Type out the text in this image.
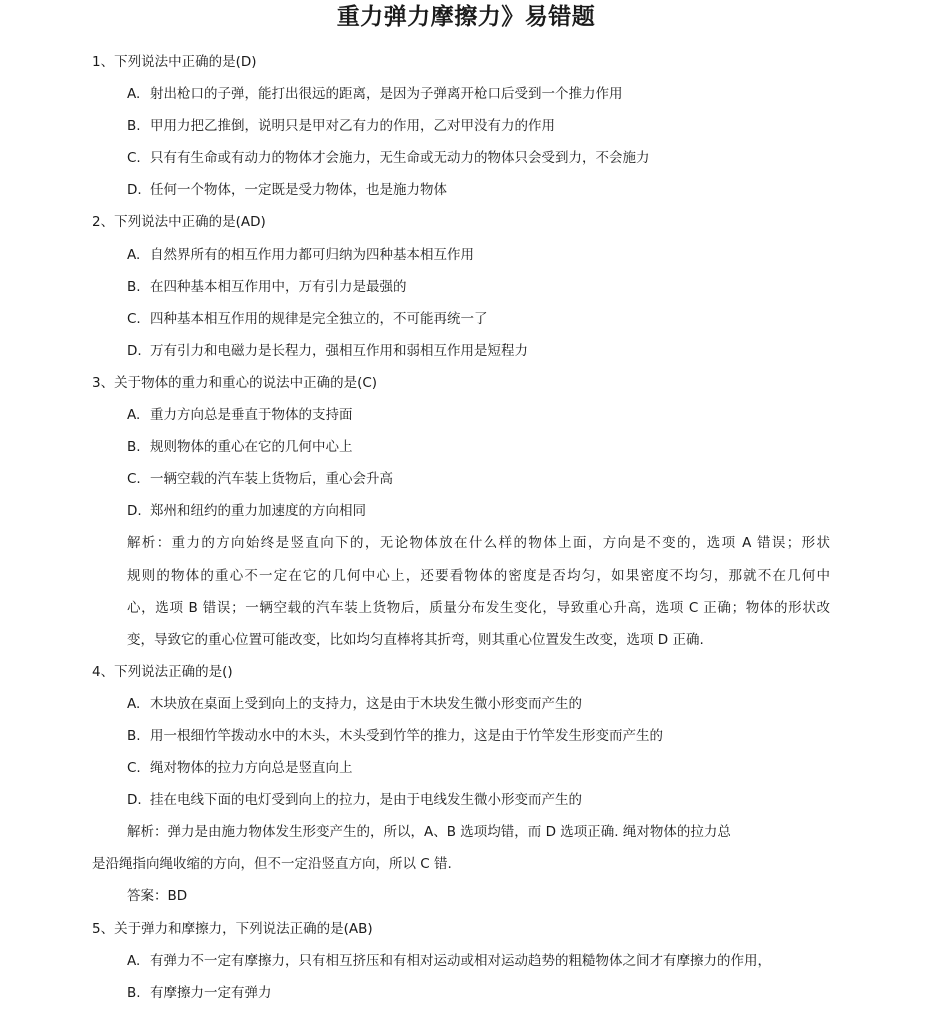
重力弹力摩擦力》易错题
1、下列说法中正确的是(D)
A. 射出枪口的子弹，能打出很远的距离，是因为子弹离开枪口后受到一个推力作用
B. 甲用力把乙推倒，说明只是甲对乙有力的作用，乙对甲没有力的作用
C. 只有有生命或有动力的物体才会施力，无生命或无动力的物体只会受到力，不会施力
D. 任何一个物体，一定既是受力物体，也是施力物体
2、下列说法中正确的是(AD)
A. 自然界所有的相互作用力都可归纳为四种基本相互作用
B. 在四种基本相互作用中，万有引力是最强的
C. 四种基本相互作用的规律是完全独立的，不可能再统一了
D. 万有引力和电磁力是长程力，强相互作用和弱相互作用是短程力
3、关于物体的重力和重心的说法中正确的是(C)
A. 重力方向总是垂直于物体的支持面
B. 规则物体的重心在它的几何中心上
C. 一辆空载的汽车装上货物后，重心会升高
D. 郑州和纽约的重力加速度的方向相同
解析：重力的方向始终是竖直向下的，无论物体放在什么样的物体上面，方向是不变的，选项 A 错误；形状
规则的物体的重心不一定在它的几何中心上，还要看物体的密度是否均匀，如果密度不均匀，那就不在几何中
心，选项 B 错误；一辆空载的汽车装上货物后，质量分布发生变化，导致重心升高，选项 C 正确；物体的形状改
变，导致它的重心位置可能改变，比如均匀直棒将其折弯，则其重心位置发生改变，选项 D 正确.
4、下列说法正确的是()
A. 木块放在桌面上受到向上的支持力，这是由于木块发生微小形变而产生的
B. 用一根细竹竿拨动水中的木头，木头受到竹竿的推力，这是由于竹竿发生形变而产生的
C. 绳对物体的拉力方向总是竖直向上
D. 挂在电线下面的电灯受到向上的拉力，是由于电线发生微小形变而产生的
解析：弹力是由施力物体发生形变产生的，所以，A、B 选项均错，而 D 选项正确. 绳对物体的拉力总
是沿绳指向绳收缩的方向，但不一定沿竖直方向，所以 C 错.
答案：BD
5、关于弹力和摩擦力，下列说法正确的是(AB)
A. 有弹力不一定有摩擦力，只有相互挤压和有相对运动或相对运动趋势的粗糙物体之间才有摩擦力的作用，
B. 有摩擦力一定有弹力
